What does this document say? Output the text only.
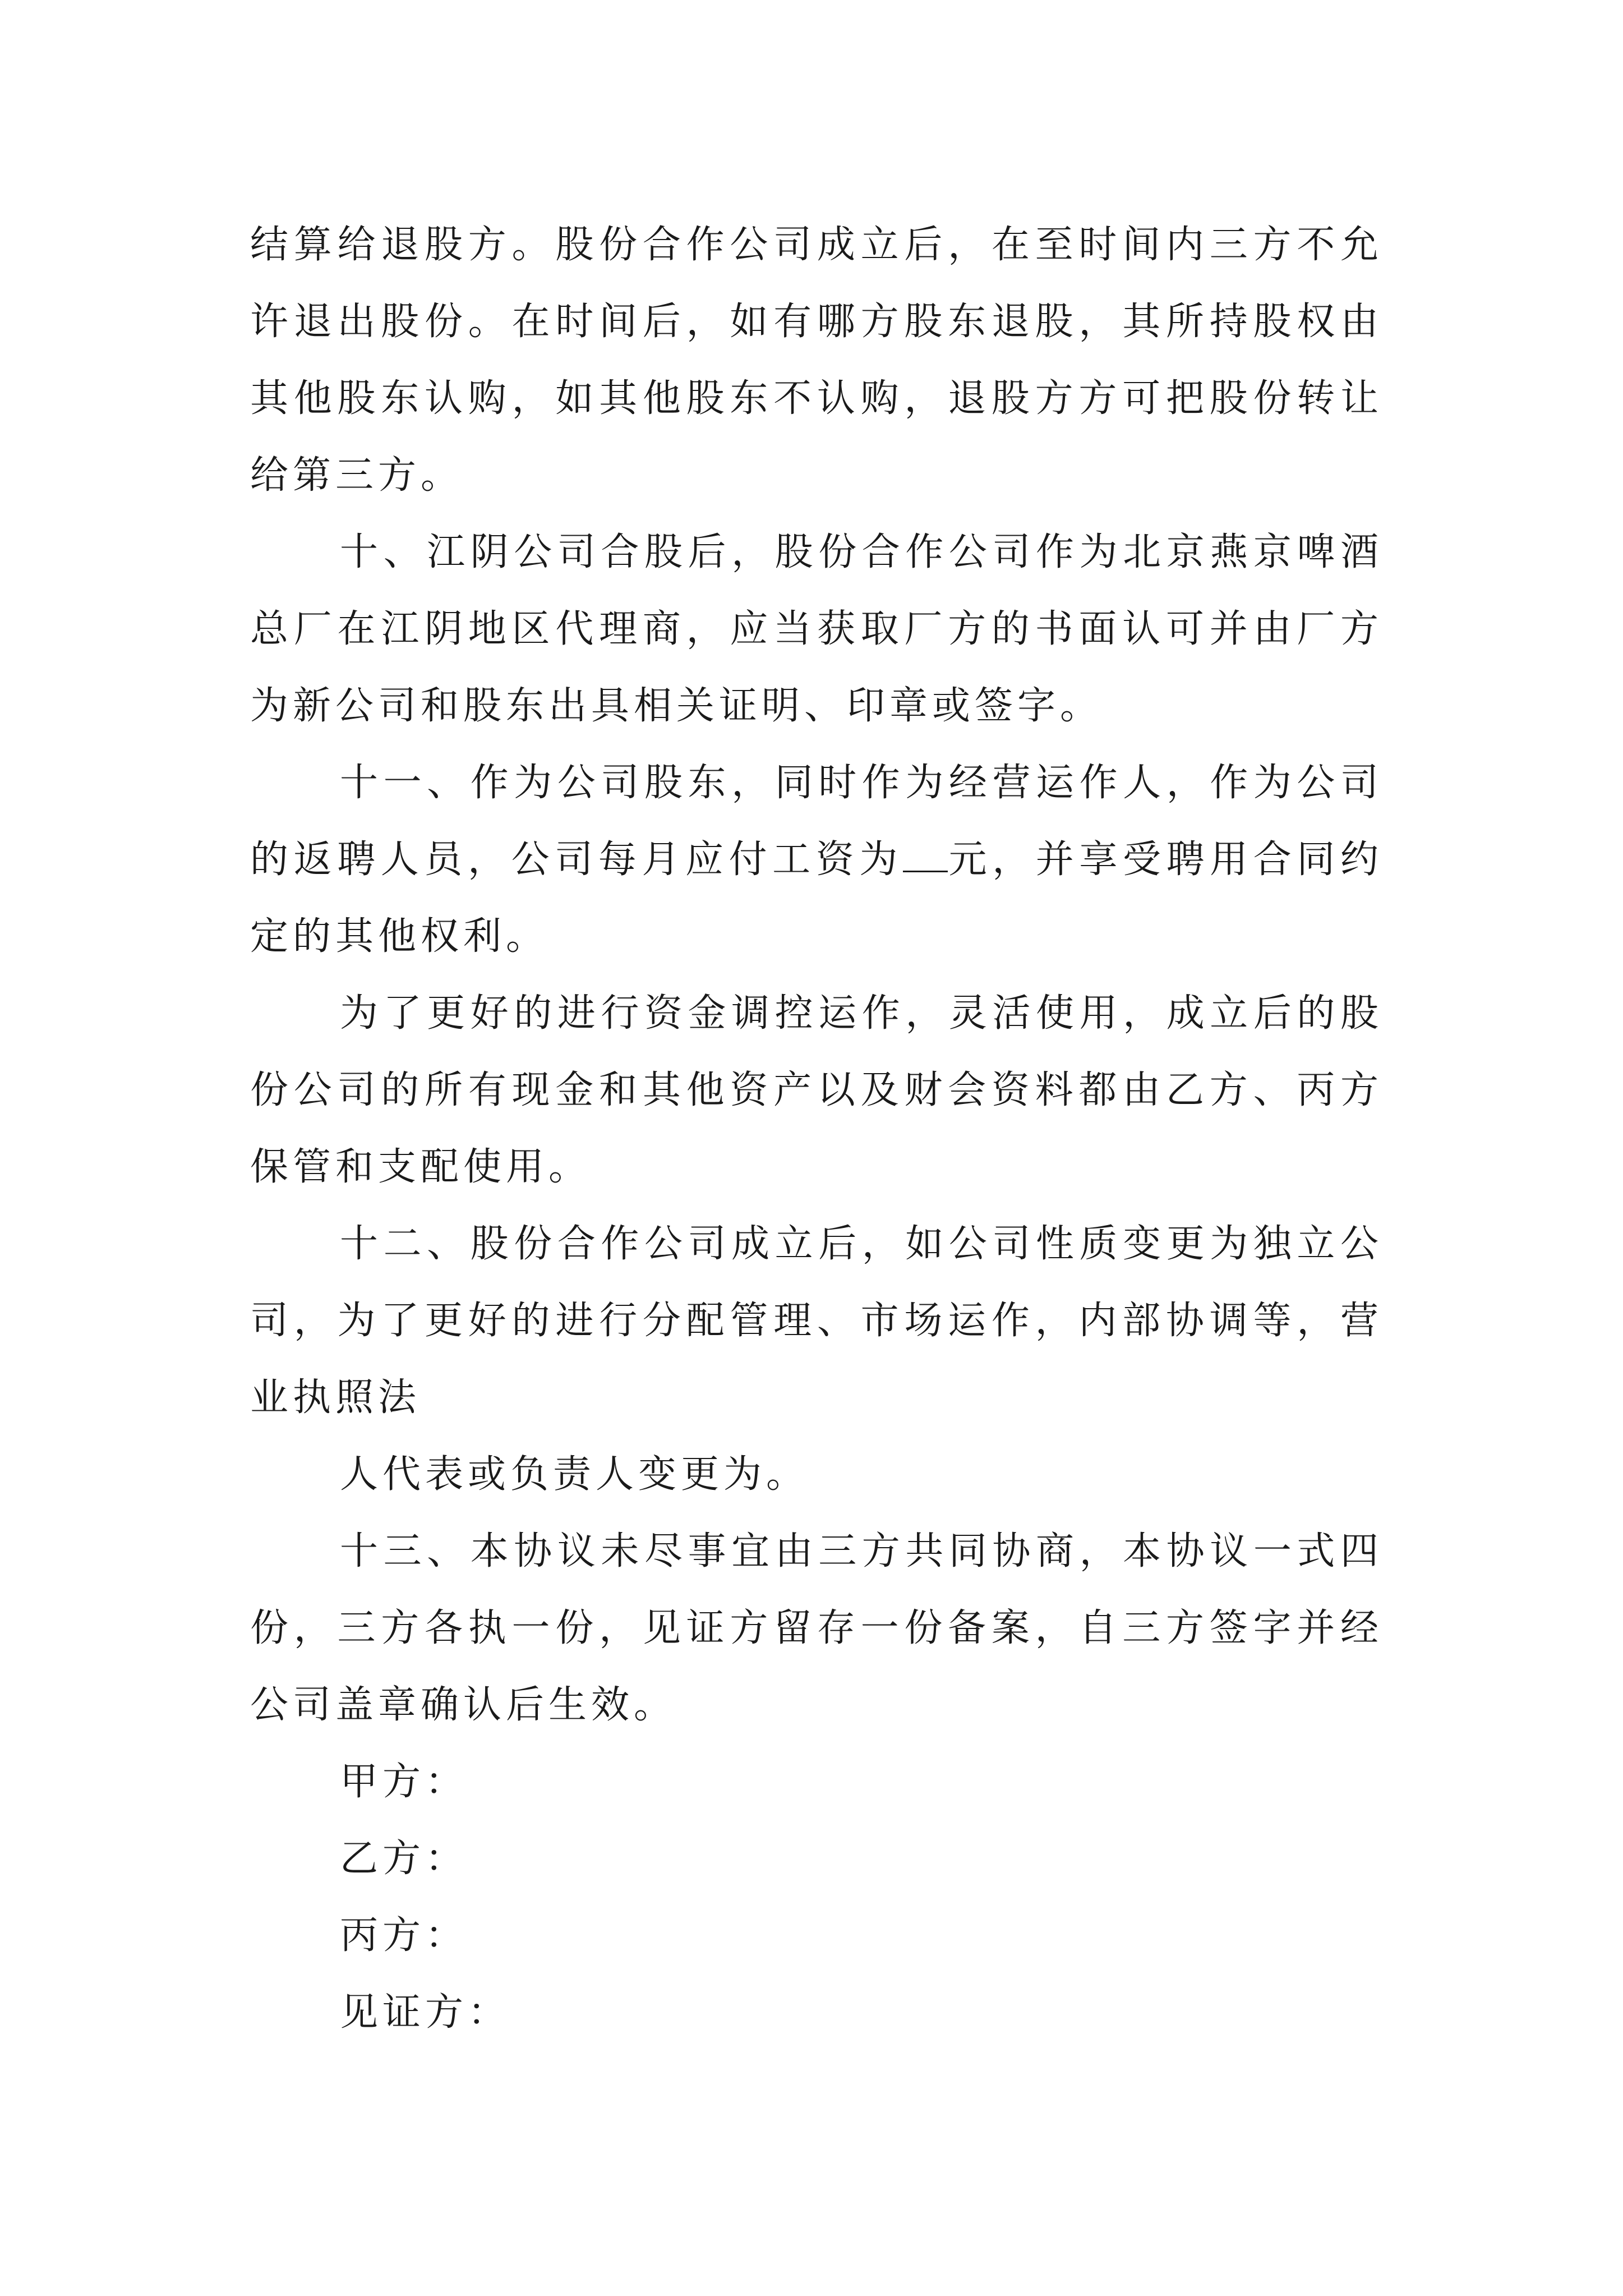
结算给退股方。股份合作公司成立后，在至时间内三方不允许退出股份。在时间后，如有哪方股东退股，其所持股权由其他股东认购，如其他股东不认购，退股方方可把股份转让给第三方。

十、江阴公司合股后，股份合作公司作为北京燕京啤酒总厂在江阴地区代理商，应当获取厂方的书面认可并由厂方为新公司和股东出具相关证明、印章或签字。

十一、作为公司股东，同时作为经营运作人，作为公司的返聘人员，公司每月应付工资为 元，并享受聘用合同约定的其他权利。

为了更好的进行资金调控运作，灵活使用，成立后的股份公司的所有现金和其他资产以及财会资料都由乙方、丙方保管和支配使用。

十二、股份合作公司成立后，如公司性质变更为独立公司，为了更好的进行分配管理、市场运作，内部协调等，营业执照法

人代表或负责人变更为。

十三、本协议未尽事宜由三方共同协商，本协议一式四份，三方各执一份，见证方留存一份备案，自三方签字并经公司盖章确认后生效。

甲方：

乙方：

丙方：

见证方：
